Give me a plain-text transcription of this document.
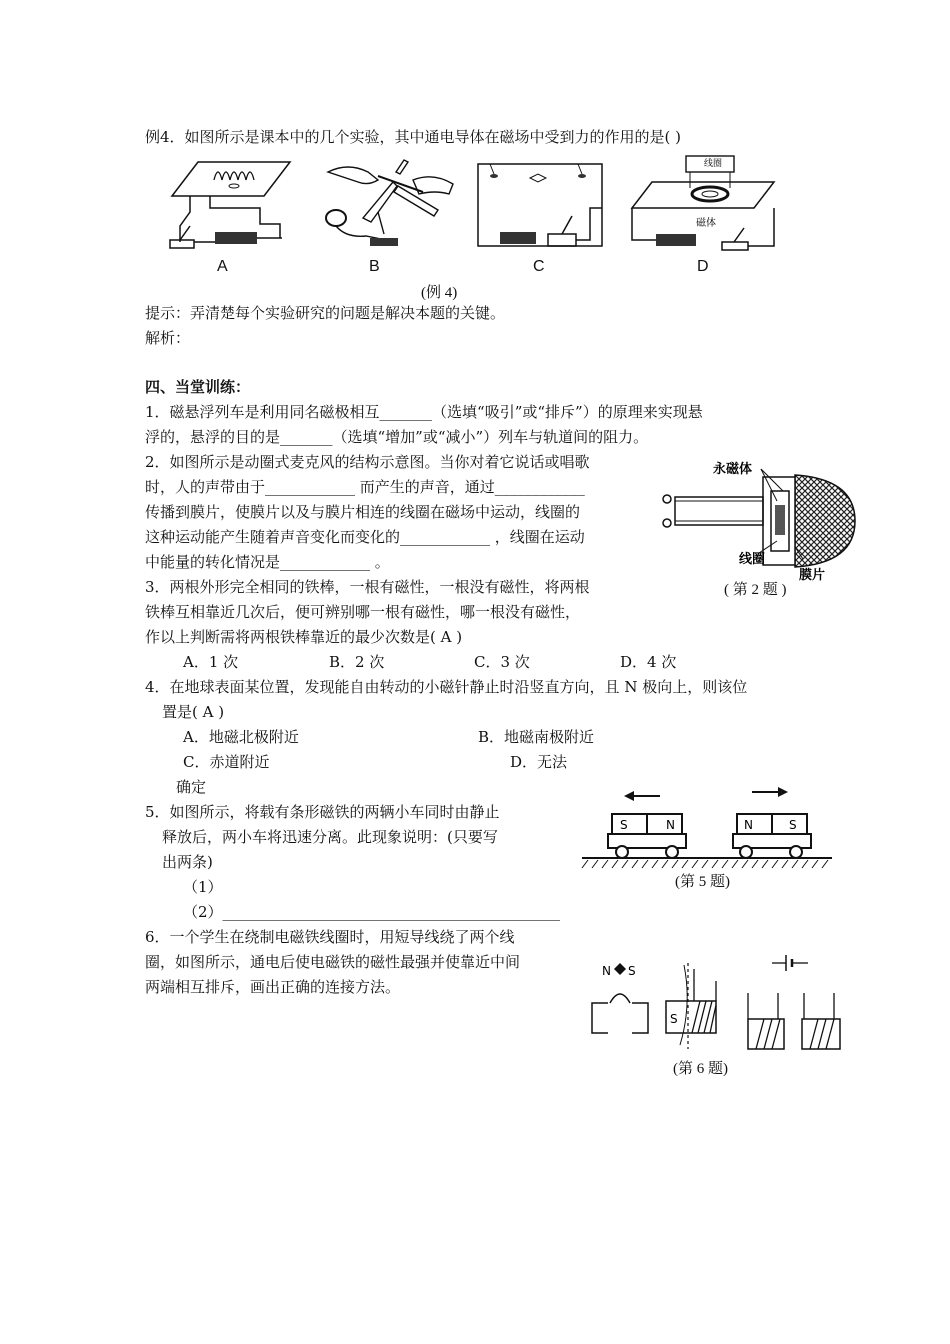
例4．如图所示是课本中的几个实验，其中通电导体在磁场中受到力的作用的是( )
A	B	C
线圈
磁体
D
(例 4)
提示：弄清楚每个实验研究的问题是解决本题的关键。
解析：
四、当堂训练：
1．磁悬浮列车是利用同名磁极相互_______（选填“吸引”或“排斥”）的原理来实现悬
浮的，悬浮的目的是_______（选填“增加”或“减小”）列车与轨道间的阻力。
2．如图所示是动圈式麦克风的结构示意图。当你对着它说话或唱歌
时，人的声带由于____________ 而产生的声音，通过____________
传播到膜片，使膜片以及与膜片相连的线圈在磁场中运动，线圈的
这种运动能产生随着声音变化而变化的____________ ，线圈在运动
中能量的转化情况是____________ 。
永磁体
线圈
膜片
( 第 2 题 )
3．两根外形完全相同的铁棒，一根有磁性，一根没有磁性，将两根
铁棒互相靠近几次后，便可辨别哪一根有磁性，哪一根没有磁性，
作以上判断需将两根铁棒靠近的最少次数是( A )
A．1 次	B．2 次	C．3 次	D．4 次
4．在地球表面某位置，发现能自由转动的小磁针静止时沿竖直方向，且 N 极向上，则该位
置是( A )
A．地磁北极附近	B．地磁南极附近
C．赤道附近	D．无法
确定
5．如图所示，将载有条形磁铁的两辆小车同时由静止
释放后，两小车将迅速分离。此现象说明：(只要写
出两条)
（1）
（2）_____________________________________________
S	N	N	S
(第 5 题)
6．一个学生在绕制电磁铁线圈时，用短导线绕了两个线
圈，如图所示，通电后使电磁铁的磁性最强并使靠近中间
两端相互排斥，画出正确的连接方法。
N S
S
(第 6 题)
